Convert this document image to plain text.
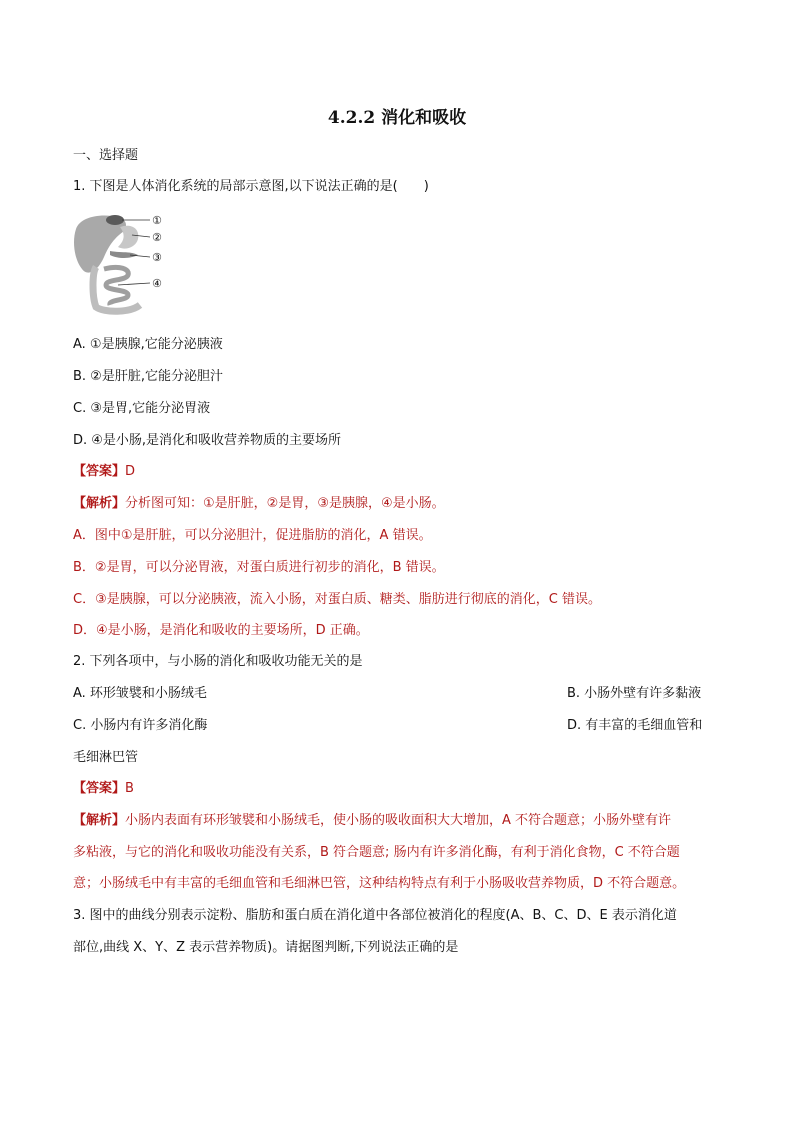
4.2.2 消化和吸收
一、选择题
1. 下图是人体消化系统的局部示意图,以下说法正确的是(　　)
①
②
③
④
A. ①是胰腺,它能分泌胰液
B. ②是肝脏,它能分泌胆汁
C. ③是胃,它能分泌胃液
D. ④是小肠,是消化和吸收营养物质的主要场所
【答案】D
【解析】分析图可知：①是肝脏，②是胃，③是胰腺，④是小肠。
A．图中①是肝脏，可以分泌胆汁，促进脂肪的消化，A 错误。
B．②是胃，可以分泌胃液，对蛋白质进行初步的消化，B 错误。
C．③是胰腺，可以分泌胰液，流入小肠，对蛋白质、糖类、脂肪进行彻底的消化，C 错误。
D．④是小肠，是消化和吸收的主要场所，D 正确。
2. 下列各项中，与小肠的消化和吸收功能无关的是
A. 环形皱襞和小肠绒毛	B. 小肠外壁有许多黏液
C. 小肠内有许多消化酶	D. 有丰富的毛细血管和
毛细淋巴管
【答案】B
【解析】小肠内表面有环形皱襞和小肠绒毛，使小肠的吸收面积大大增加，A 不符合题意；小肠外壁有许
多粘液，与它的消化和吸收功能没有关系，B 符合题意; 肠内有许多消化酶，有利于消化食物，C 不符合题
意；小肠绒毛中有丰富的毛细血管和毛细淋巴管，这种结构特点有利于小肠吸收营养物质，D 不符合题意。
3. 图中的曲线分别表示淀粉、脂肪和蛋白质在消化道中各部位被消化的程度(A、B、C、D、E 表示消化道
部位,曲线 X、Y、Z 表示营养物质)。请据图判断,下列说法正确的是
